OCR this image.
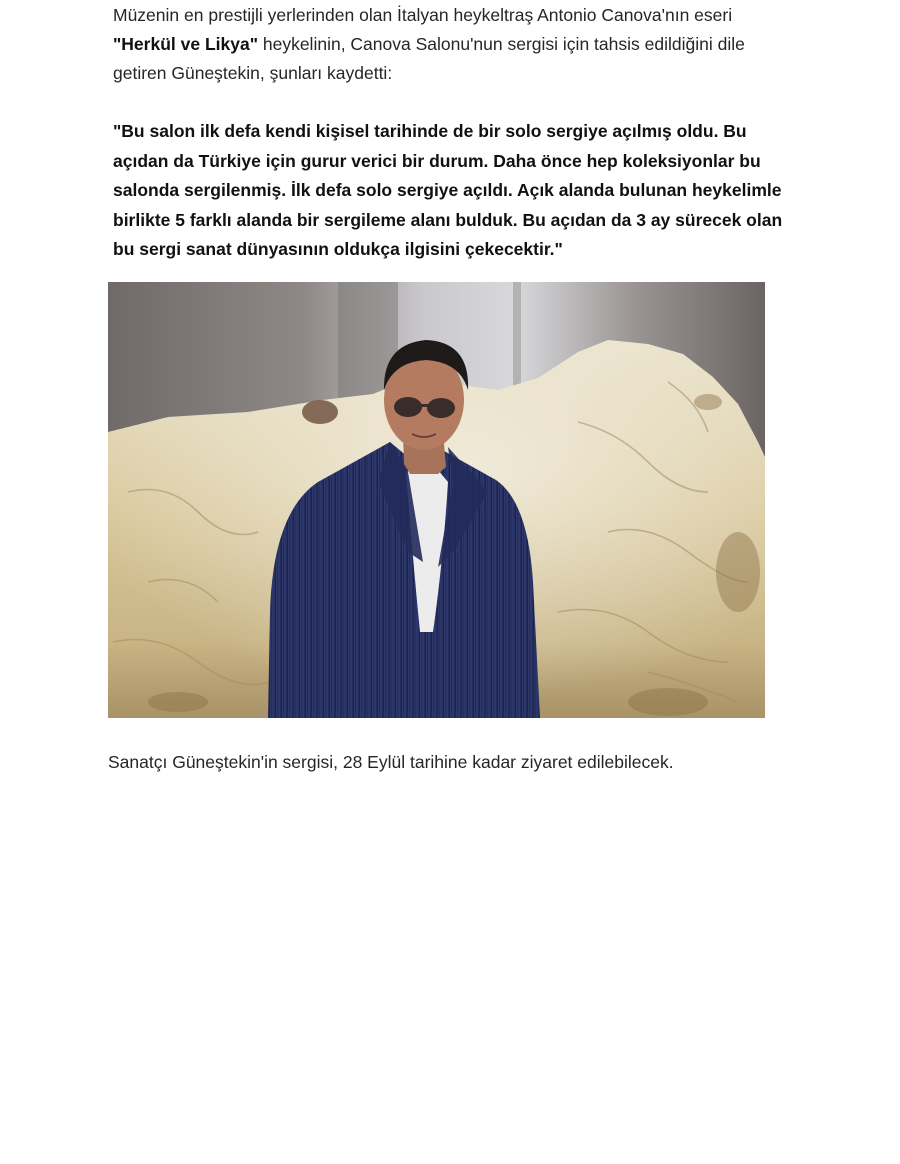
Müzenin en prestijli yerlerinden olan İtalyan heykeltraş Antonio Canova'nın eseri "Herkül ve Likya" heykelinin, Canova Salonu'nun sergisi için tahsis edildiğini dile getiren Güneştekin, şunları kaydetti:

"Bu salon ilk defa kendi kişisel tarihinde de bir solo sergiye açılmış oldu. Bu açıdan da Türkiye için gurur verici bir durum. Daha önce hep koleksiyonlar bu salonda sergilenmiş. İlk defa solo sergiye açıldı. Açık alanda bulunan heykelimle birlikte 5 farklı alanda bir sergileme alanı bulduk. Bu açıdan da 3 ay sürecek olan bu sergi sanat dünyasının oldukça ilgisini çekecektir."

Sanatçı Güneştekin'in sergisi, 28 Eylül tarihine kadar ziyaret edilebilecek.
